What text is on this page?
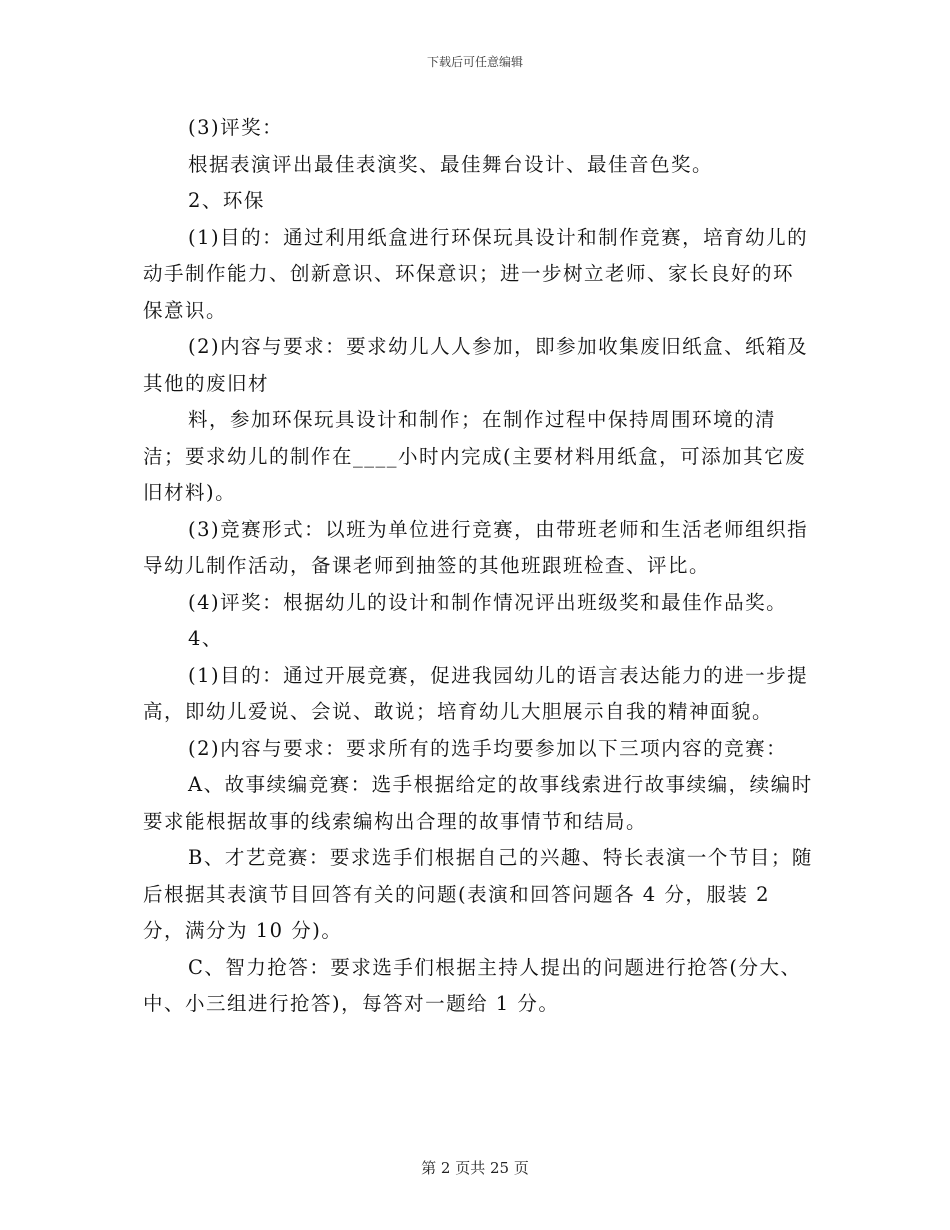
下载后可任意编辑

(3)评奖：

根据表演评出最佳表演奖、最佳舞台设计、最佳音色奖。

2、环保

(1)目的：通过利用纸盒进行环保玩具设计和制作竞赛，培育幼儿的动手制作能力、创新意识、环保意识；进一步树立老师、家长良好的环保意识。

(2)内容与要求：要求幼儿人人参加，即参加收集废旧纸盒、纸箱及其他的废旧材

料，参加环保玩具设计和制作；在制作过程中保持周围环境的清洁；要求幼儿的制作在____小时内完成(主要材料用纸盒，可添加其它废旧材料)。

(3)竞赛形式：以班为单位进行竞赛，由带班老师和生活老师组织指导幼儿制作活动，备课老师到抽签的其他班跟班检查、评比。

(4)评奖：根据幼儿的设计和制作情况评出班级奖和最佳作品奖。

4、

(1)目的：通过开展竞赛，促进我园幼儿的语言表达能力的进一步提高，即幼儿爱说、会说、敢说；培育幼儿大胆展示自我的精神面貌。

(2)内容与要求：要求所有的选手均要参加以下三项内容的竞赛：

A、故事续编竞赛：选手根据给定的故事线索进行故事续编，续编时要求能根据故事的线索编构出合理的故事情节和结局。

B、才艺竞赛：要求选手们根据自己的兴趣、特长表演一个节目；随后根据其表演节目回答有关的问题(表演和回答问题各 4 分，服装 2 分，满分为 10 分)。

C、智力抢答：要求选手们根据主持人提出的问题进行抢答(分大、中、小三组进行抢答)，每答对一题给 1 分。

第 2 页共 25 页
